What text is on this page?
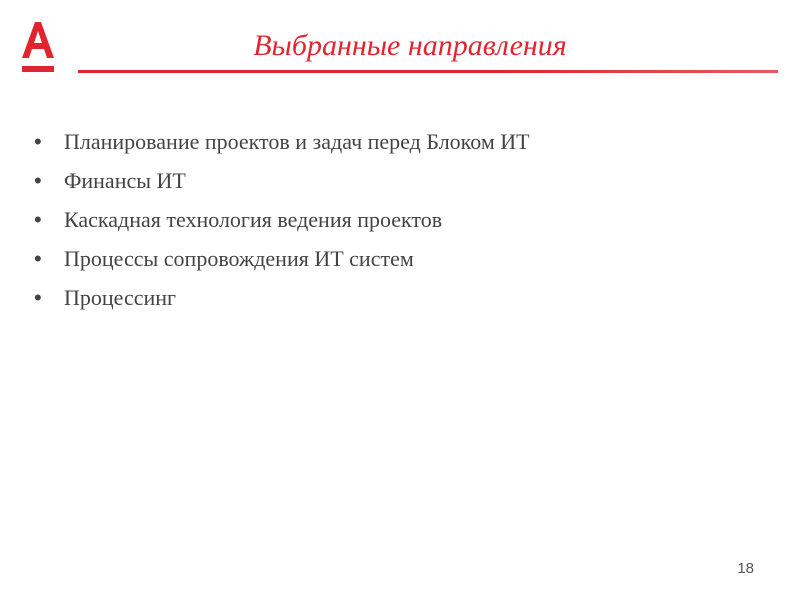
Выбранные направления
•	Планирование проектов и задач перед Блоком ИТ
•	Финансы ИТ
•	Каскадная технология ведения проектов
•	Процессы сопровождения ИТ систем
•	Процессинг
18
